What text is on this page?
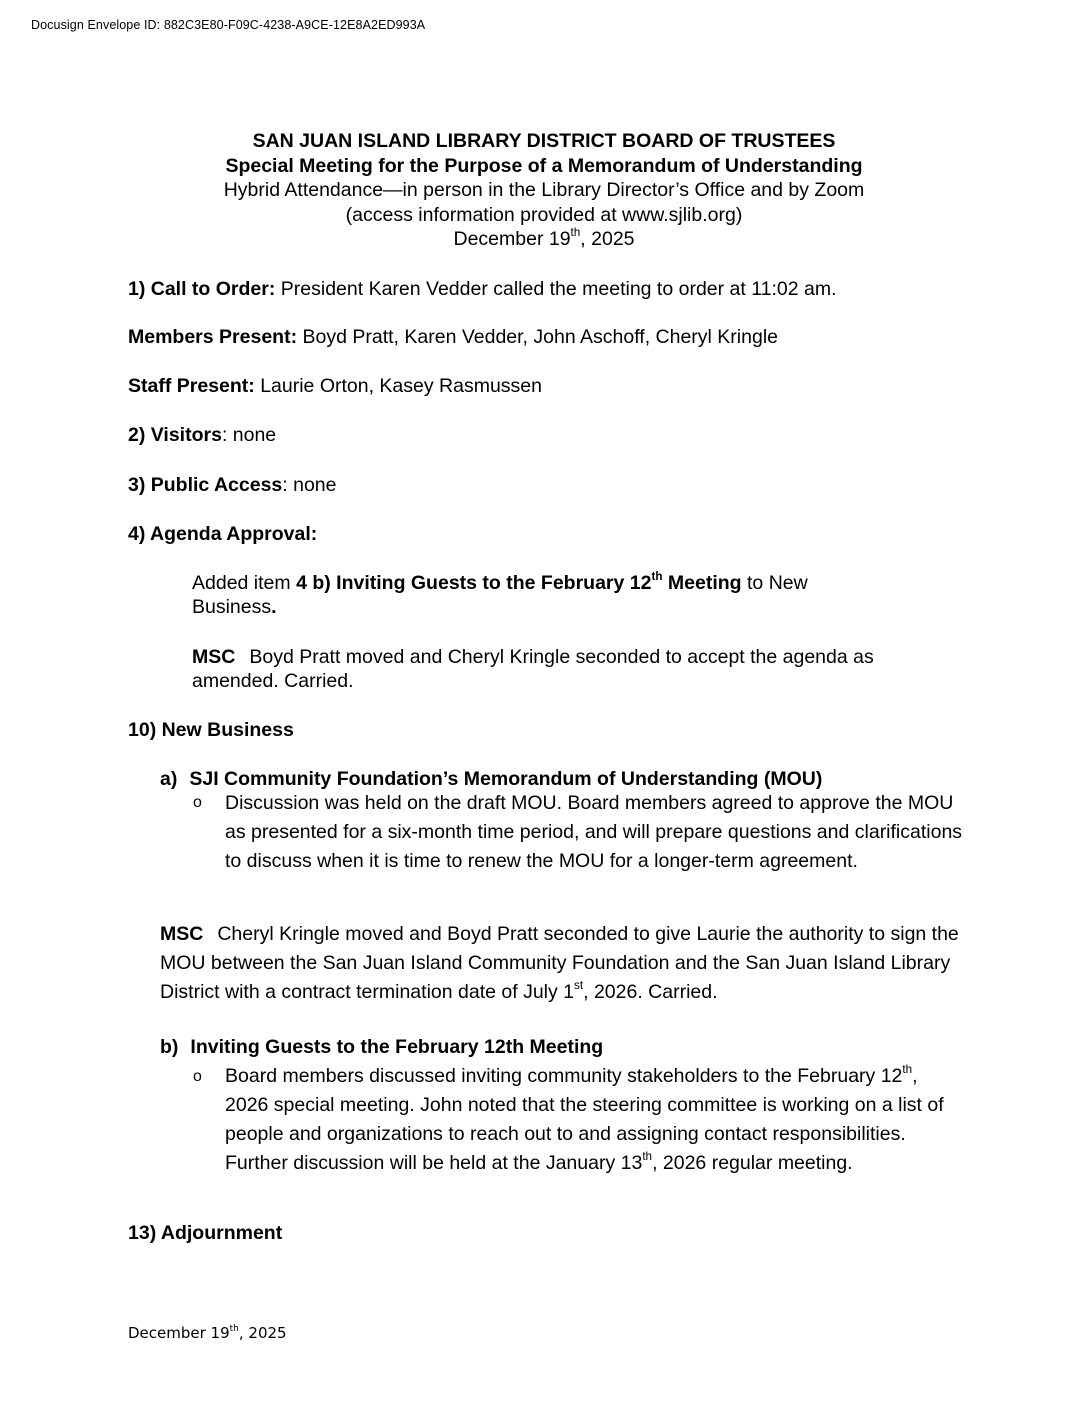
Docusign Envelope ID: 882C3E80-F09C-4238-A9CE-12E8A2ED993A
SAN JUAN ISLAND LIBRARY DISTRICT BOARD OF TRUSTEES
Special Meeting for the Purpose of a Memorandum of Understanding
Hybrid Attendance—in person in the Library Director’s Office and by Zoom
(access information provided at www.sjlib.org)
December 19th, 2025
1) Call to Order: President Karen Vedder called the meeting to order at 11:02 am.
Members Present: Boyd Pratt, Karen Vedder, John Aschoff, Cheryl Kringle
Staff Present: Laurie Orton, Kasey Rasmussen
2) Visitors: none
3) Public Access: none
4) Agenda Approval:
Added item 4 b) Inviting Guests to the February 12th Meeting to New
Business.
MSC Boyd Pratt moved and Cheryl Kringle seconded to accept the agenda as amended. Carried.
10) New Business
a) SJI Community Foundation’s Memorandum of Understanding (MOU)
o Discussion was held on the draft MOU. Board members agreed to approve the MOU as presented for a six-month time period, and will prepare questions and clarifications to discuss when it is time to renew the MOU for a longer-term agreement.
MSC Cheryl Kringle moved and Boyd Pratt seconded to give Laurie the authority to sign the MOU between the San Juan Island Community Foundation and the San Juan Island Library District with a contract termination date of July 1st, 2026. Carried.
b) Inviting Guests to the February 12th Meeting
o Board members discussed inviting community stakeholders to the February 12th, 2026 special meeting. John noted that the steering committee is working on a list of people and organizations to reach out to and assigning contact responsibilities. Further discussion will be held at the January 13th, 2026 regular meeting.
13) Adjournment
December 19th, 2025
